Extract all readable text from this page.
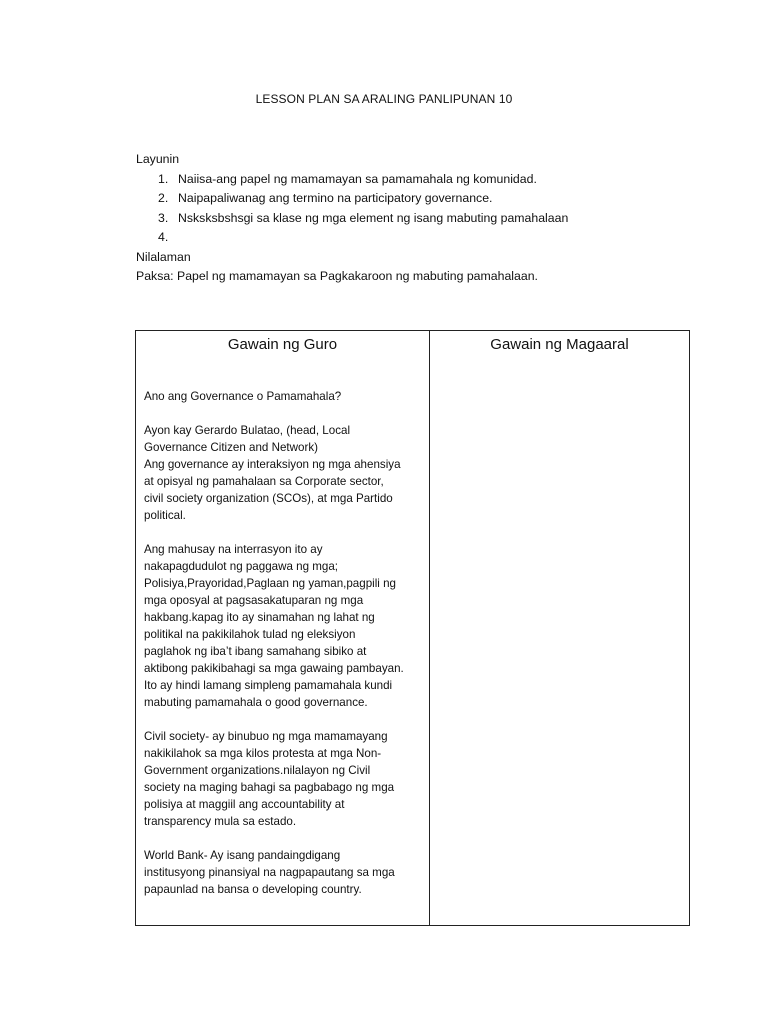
LESSON PLAN SA ARALING PANLIPUNAN 10

Layunin

1. Naiisa-ang papel ng mamamayan sa pamamahala ng komunidad.
2. Naipapaliwanag ang termino na participatory governance.
3. Nsksksbshsgi sa klase ng mga element ng isang mabuting pamahalaan
4.

Nilalaman

Paksa: Papel ng mamamayan sa Pagkakaroon ng mabuting pamahalaan.

Gawain ng Guro

Ano ang Governance o Pamamahala?

Ayon kay Gerardo Bulatao, (head, Local
Governance Citizen and Network)
Ang governance ay interaksiyon ng mga ahensiya
at opisyal ng pamahalaan sa Corporate sector,
civil society organization (SCOs), at mga Partido
political.

Ang mahusay na interrasyon ito ay
nakapagdudulot ng paggawa ng mga;
Polisiya,Prayoridad,Paglaan ng yaman,pagpili ng
mga oposyal at pagsasakatuparan ng mga
hakbang.kapag ito ay sinamahan ng lahat ng
politikal na pakikilahok tulad ng eleksiyon
paglahok ng iba’t ibang samahang sibiko at
aktibong pakikibahagi sa mga gawaing pambayan.
Ito ay hindi lamang simpleng pamamahala kundi
mabuting pamamahala o good governance.

Civil society- ay binubuo ng mga mamamayang
nakikilahok sa mga kilos protesta at mga Non-
Government organizations.nilalayon ng Civil
society na maging bahagi sa pagbabago ng mga
polisiya at maggiil ang accountability at
transparency mula sa estado.

World Bank- Ay isang pandaingdigang
institusyong pinansiyal na nagpapautang sa mga
papaunlad na bansa o developing country.

Gawain ng Magaaral
